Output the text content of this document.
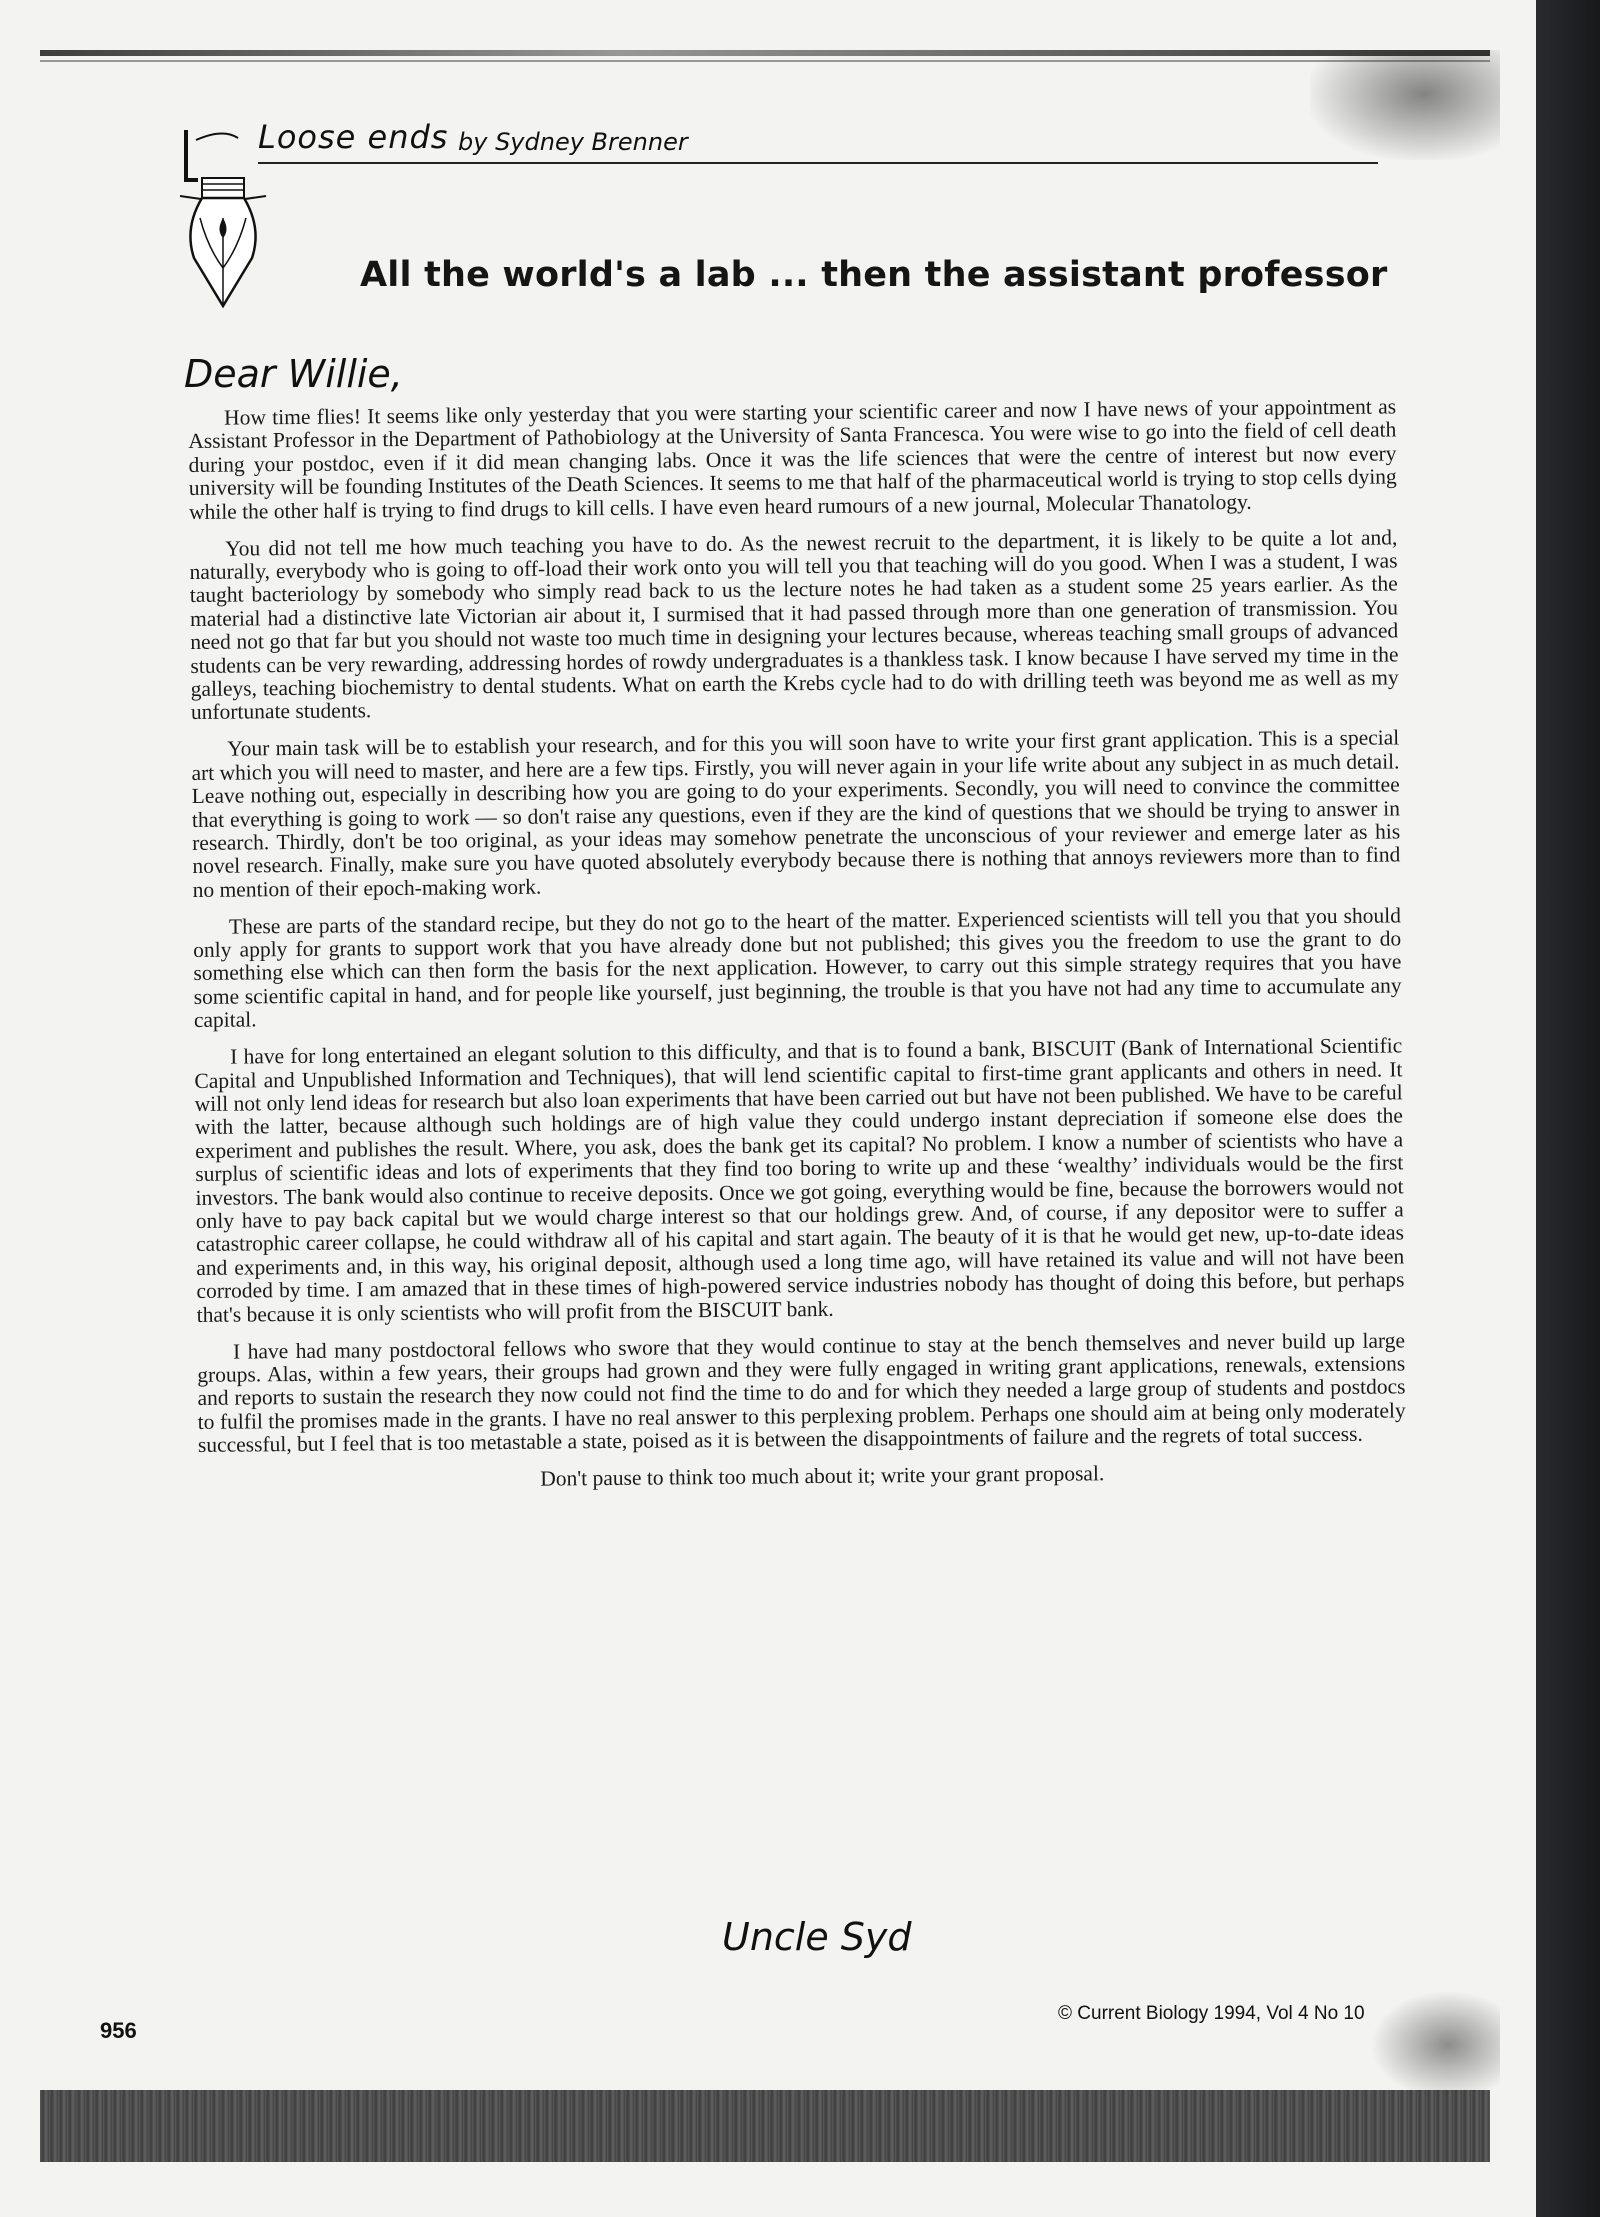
Loose ends by Sydney Brenner
All the world's a lab ... then the assistant professor
Dear Willie,

How time flies! It seems like only yesterday that you were starting your scientific career and now I have news of your appointment as Assistant Professor in the Department of Pathobiology at the University of Santa Francesca. You were wise to go into the field of cell death during your postdoc, even if it did mean changing labs. Once it was the life sciences that were the centre of interest but now every university will be founding Institutes of the Death Sciences. It seems to me that half of the pharmaceutical world is trying to stop cells dying while the other half is trying to find drugs to kill cells. I have even heard rumours of a new journal, Molecular Thanatology.

You did not tell me how much teaching you have to do. As the newest recruit to the department, it is likely to be quite a lot and, naturally, everybody who is going to off-load their work onto you will tell you that teaching will do you good. When I was a student, I was taught bacteriology by somebody who simply read back to us the lecture notes he had taken as a student some 25 years earlier. As the material had a distinctive late Victorian air about it, I surmised that it had passed through more than one generation of transmission. You need not go that far but you should not waste too much time in designing your lectures because, whereas teaching small groups of advanced students can be very rewarding, addressing hordes of rowdy undergraduates is a thankless task. I know because I have served my time in the galleys, teaching biochemistry to dental students. What on earth the Krebs cycle had to do with drilling teeth was beyond me as well as my unfortunate students.

Your main task will be to establish your research, and for this you will soon have to write your first grant application. This is a special art which you will need to master, and here are a few tips. Firstly, you will never again in your life write about any subject in as much detail. Leave nothing out, especially in describing how you are going to do your experiments. Secondly, you will need to convince the committee that everything is going to work — so don't raise any questions, even if they are the kind of questions that we should be trying to answer in research. Thirdly, don't be too original, as your ideas may somehow penetrate the unconscious of your reviewer and emerge later as his novel research. Finally, make sure you have quoted absolutely everybody because there is nothing that annoys reviewers more than to find no mention of their epoch-making work.

These are parts of the standard recipe, but they do not go to the heart of the matter. Experienced scientists will tell you that you should only apply for grants to support work that you have already done but not published; this gives you the freedom to use the grant to do something else which can then form the basis for the next application. However, to carry out this simple strategy requires that you have some scientific capital in hand, and for people like yourself, just beginning, the trouble is that you have not had any time to accumulate any capital.

I have for long entertained an elegant solution to this difficulty, and that is to found a bank, BISCUIT (Bank of International Scientific Capital and Unpublished Information and Techniques), that will lend scientific capital to first-time grant applicants and others in need. It will not only lend ideas for research but also loan experiments that have been carried out but have not been published. We have to be careful with the latter, because although such holdings are of high value they could undergo instant depreciation if someone else does the experiment and publishes the result. Where, you ask, does the bank get its capital? No problem. I know a number of scientists who have a surplus of scientific ideas and lots of experiments that they find too boring to write up and these ‘wealthy’ individuals would be the first investors. The bank would also continue to receive deposits. Once we got going, everything would be fine, because the borrowers would not only have to pay back capital but we would charge interest so that our holdings grew. And, of course, if any depositor were to suffer a catastrophic career collapse, he could withdraw all of his capital and start again. The beauty of it is that he would get new, up-to-date ideas and experiments and, in this way, his original deposit, although used a long time ago, will have retained its value and will not have been corroded by time. I am amazed that in these times of high-powered service industries nobody has thought of doing this before, but perhaps that's because it is only scientists who will profit from the BISCUIT bank.

I have had many postdoctoral fellows who swore that they would continue to stay at the bench themselves and never build up large groups. Alas, within a few years, their groups had grown and they were fully engaged in writing grant applications, renewals, extensions and reports to sustain the research they now could not find the time to do and for which they needed a large group of students and postdocs to fulfil the promises made in the grants. I have no real answer to this perplexing problem. Perhaps one should aim at being only moderately successful, but I feel that is too metastable a state, poised as it is between the disappointments of failure and the regrets of total success.

Don't pause to think too much about it; write your grant proposal.

Uncle Syd
956
© Current Biology 1994, Vol 4 No 10
